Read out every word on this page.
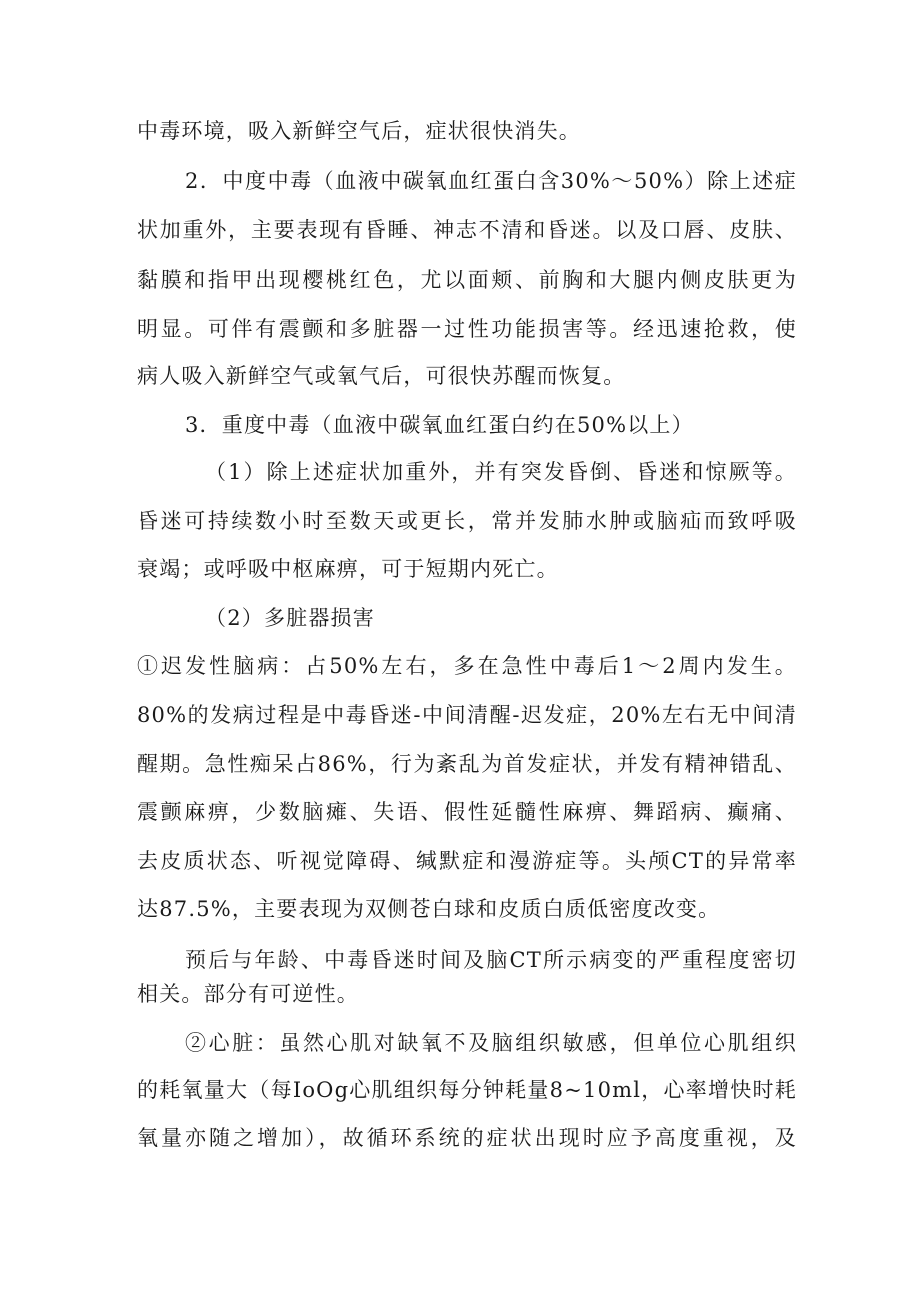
中毒环境，吸入新鲜空气后，症状很快消失。
2．中度中毒（血液中碳氧血红蛋白含30%～50%）除上述症
状加重外，主要表现有昏睡、神志不清和昏迷。以及口唇、皮肤、
黏膜和指甲出现樱桃红色，尤以面颊、前胸和大腿内侧皮肤更为
明显。可伴有震颤和多脏器一过性功能损害等。经迅速抢救，使
病人吸入新鲜空气或氧气后，可很快苏醒而恢复。
3．重度中毒（血液中碳氧血红蛋白约在50%以上）
（1）除上述症状加重外，并有突发昏倒、昏迷和惊厥等。
昏迷可持续数小时至数天或更长，常并发肺水肿或脑疝而致呼吸
衰竭；或呼吸中枢麻痹，可于短期内死亡。
（2）多脏器损害
①迟发性脑病：占50%左右，多在急性中毒后1～2周内发生。
80%的发病过程是中毒昏迷-中间清醒-迟发症，20%左右无中间清
醒期。急性痴呆占86%，行为紊乱为首发症状，并发有精神错乱、
震颤麻痹，少数脑瘫、失语、假性延髓性麻痹、舞蹈病、癫痛、
去皮质状态、听视觉障碍、缄默症和漫游症等。头颅CT的异常率
达87.5%，主要表现为双侧苍白球和皮质白质低密度改变。
预后与年龄、中毒昏迷时间及脑CT所示病变的严重程度密切
相关。部分有可逆性。
②心脏：虽然心肌对缺氧不及脑组织敏感，但单位心肌组织
的耗氧量大（每IoOg心肌组织每分钟耗量8~10ml，心率增快时耗
氧量亦随之增加），故循环系统的症状出现时应予高度重视，及
